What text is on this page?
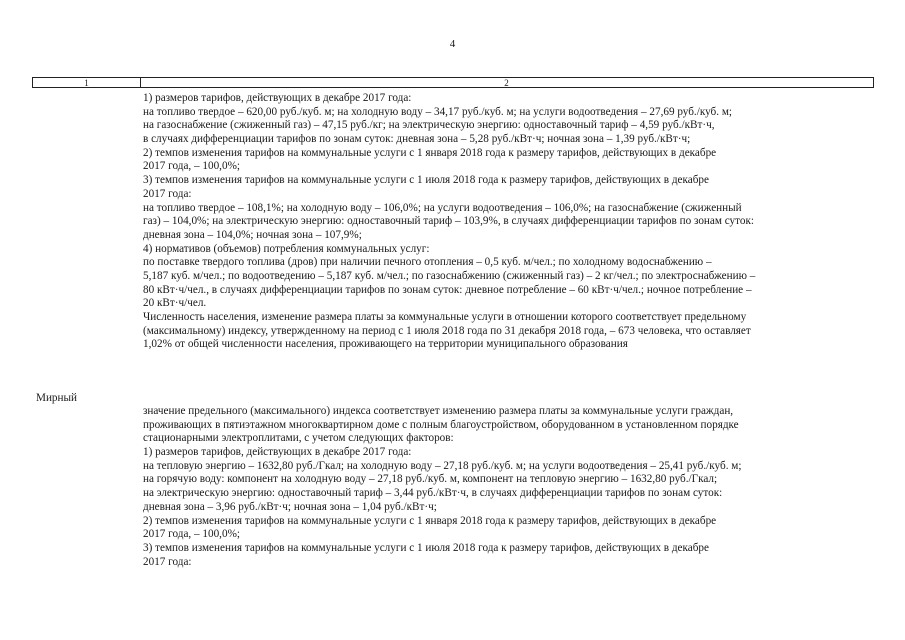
4
1	2
1) размеров тарифов, действующих в декабре 2017 года:
на топливо твердое – 620,00 руб./куб. м; на холодную воду – 34,17 руб./куб. м; на услуги водоотведения – 27,69 руб./куб. м;
на газоснабжение (сжиженный газ) – 47,15 руб./кг; на электрическую энергию: одноставочный тариф – 4,59 руб./кВт·ч,
в случаях дифференциации тарифов по зонам суток: дневная зона – 5,28 руб./кВт·ч; ночная зона – 1,39 руб./кВт·ч;
2) темпов изменения тарифов на коммунальные услуги с 1 января 2018 года к размеру тарифов, действующих в декабре
2017 года, – 100,0%;
3) темпов изменения тарифов на коммунальные услуги с 1 июля 2018 года к размеру тарифов, действующих в декабре
2017 года:
на топливо твердое – 108,1%; на холодную воду – 106,0%; на услуги водоотведения – 106,0%; на газоснабжение (сжиженный
газ) – 104,0%; на электрическую энергию: одноставочный тариф – 103,9%, в случаях дифференциации тарифов по зонам суток:
дневная зона – 104,0%; ночная зона – 107,9%;
4) нормативов (объемов) потребления коммунальных услуг:
по поставке твердого топлива (дров) при наличии печного отопления – 0,5 куб. м/чел.; по холодному водоснабжению –
5,187 куб. м/чел.; по водоотведению – 5,187 куб. м/чел.; по газоснабжению (сжиженный газ) – 2 кг/чел.; по электроснабжению –
80 кВт·ч/чел., в случаях дифференциации тарифов по зонам суток: дневное потребление – 60 кВт·ч/чел.; ночное потребление –
20 кВт·ч/чел.
Численность населения, изменение размера платы за коммунальные услуги в отношении которого соответствует предельному
(максимальному) индексу, утвержденному на период с 1 июля 2018 года по 31 декабря 2018 года, – 673 человека, что оставляет
1,02% от общей численности населения, проживающего на территории муниципального образования
Мирный
значение предельного (максимального) индекса соответствует изменению размера платы за коммунальные услуги граждан,
проживающих в пятиэтажном многоквартирном доме с полным благоустройством, оборудованном в установленном порядке
стационарными электроплитами, с учетом следующих факторов:
1) размеров тарифов, действующих в декабре 2017 года:
на тепловую энергию – 1632,80 руб./Гкал; на холодную воду – 27,18 руб./куб. м; на услуги водоотведения – 25,41 руб./куб. м;
на горячую воду: компонент на холодную воду – 27,18 руб./куб. м, компонент на тепловую энергию – 1632,80 руб./Гкал;
на электрическую энергию: одноставочный тариф – 3,44 руб./кВт·ч, в случаях дифференциации тарифов по зонам суток:
дневная зона – 3,96 руб./кВт·ч; ночная зона – 1,04 руб./кВт·ч;
2) темпов изменения тарифов на коммунальные услуги с 1 января 2018 года к размеру тарифов, действующих в декабре
2017 года, – 100,0%;
3) темпов изменения тарифов на коммунальные услуги с 1 июля 2018 года к размеру тарифов, действующих в декабре
2017 года:
